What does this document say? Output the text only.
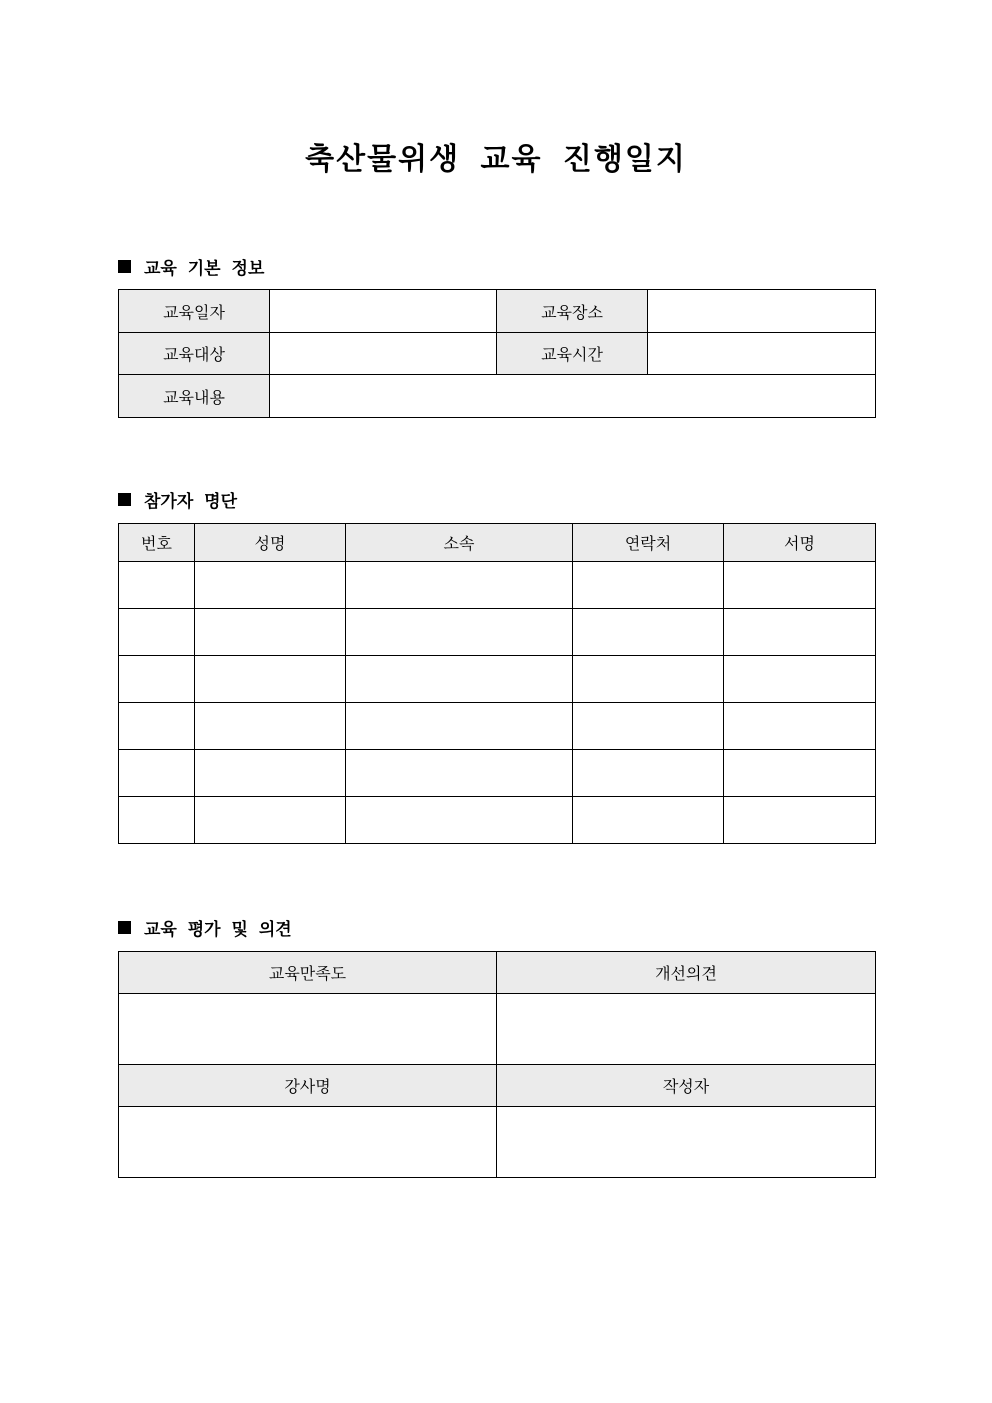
축산물위생 교육 진행일지
교육 기본 정보
교육일자		교육장소	
교육대상		교육시간	
교육내용			
참가자 명단
번호	성명	소속	연락처	서명

교육 평가 및 의견
교육만족도	개선의견

강사명	작성자
